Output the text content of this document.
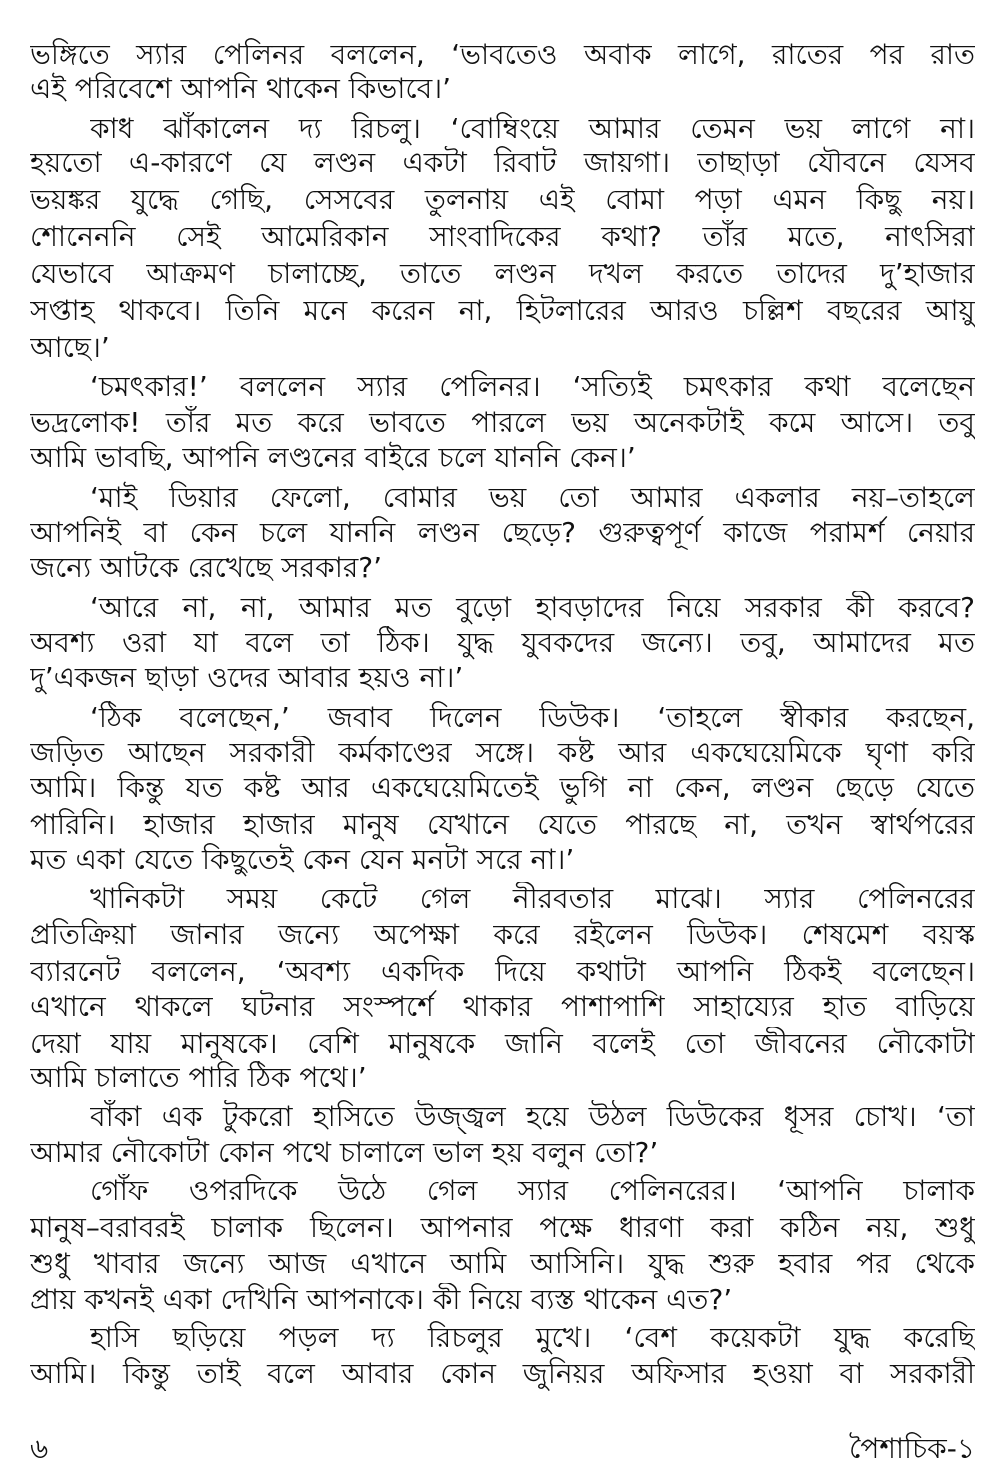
ভঙ্গিতে স্যার পেলিনর বললেন, ‘ভাবতেও অবাক লাগে, রাতের পর রাত
এই পরিবেশে আপনি থাকেন কিভাবে।’
কাধ ঝাঁকালেন দ্য রিচলু। ‘বোম্বিংয়ে আমার তেমন ভয় লাগে না।
হয়তো এ-কারণে যে লণ্ডন একটা রিবাট জায়গা। তাছাড়া যৌবনে যেসব
ভয়ঙ্কর যুদ্ধে গেছি, সেসবের তুলনায় এই বোমা পড়া এমন কিছু নয়।
শোনেননি সেই আমেরিকান সাংবাদিকের কথা? তাঁর মতে, নাৎসিরা
যেভাবে আক্রমণ চালাচ্ছে, তাতে লণ্ডন দখল করতে তাদের দু’হাজার
সপ্তাহ থাকবে। তিনি মনে করেন না, হিটলারের আরও চল্লিশ বছরের আয়ু
আছে।’
‘চমৎকার!’ বললেন স্যার পেলিনর। ‘সত্যিই চমৎকার কথা বলেছেন
ভদ্রলোক! তাঁর মত করে ভাবতে পারলে ভয় অনেকটাই কমে আসে। তবু
আমি ভাবছি, আপনি লণ্ডনের বাইরে চলে যাননি কেন।’
‘মাই ডিয়ার ফেলো, বোমার ভয় তো আমার একলার নয়–তাহলে
আপনিই বা কেন চলে যাননি লণ্ডন ছেড়ে? গুরুত্বপূর্ণ কাজে পরামর্শ নেয়ার
জন্যে আটকে রেখেছে সরকার?’
‘আরে না, না, আমার মত বুড়ো হাবড়াদের নিয়ে সরকার কী করবে?
অবশ্য ওরা যা বলে তা ঠিক। যুদ্ধ যুবকদের জন্যে। তবু, আমাদের মত
দু’একজন ছাড়া ওদের আবার হয়ও না।’
‘ঠিক বলেছেন,’ জবাব দিলেন ডিউক। ‘তাহলে স্বীকার করছেন,
জড়িত আছেন সরকারী কর্মকাণ্ডের সঙ্গে। কষ্ট আর একঘেয়েমিকে ঘৃণা করি
আমি। কিন্তু যত কষ্ট আর একঘেয়েমিতেই ভুগি না কেন, লণ্ডন ছেড়ে যেতে
পারিনি। হাজার হাজার মানুষ যেখানে যেতে পারছে না, তখন স্বার্থপরের
মত একা যেতে কিছুতেই কেন যেন মনটা সরে না।’
খানিকটা সময় কেটে গেল নীরবতার মাঝে। স্যার পেলিনরের
প্রতিক্রিয়া জানার জন্যে অপেক্ষা করে রইলেন ডিউক। শেষমেশ বয়স্ক
ব্যারনেট বললেন, ‘অবশ্য একদিক দিয়ে কথাটা আপনি ঠিকই বলেছেন।
এখানে থাকলে ঘটনার সংস্পর্শে থাকার পাশাপাশি সাহায্যের হাত বাড়িয়ে
দেয়া যায় মানুষকে। বেশি মানুষকে জানি বলেই তো জীবনের নৌকোটা
আমি চালাতে পারি ঠিক পথে।’
বাঁকা এক টুকরো হাসিতে উজ্জ্বল হয়ে উঠল ডিউকের ধূসর চোখ। ‘তা
আমার নৌকোটা কোন পথে চালালে ভাল হয় বলুন তো?’
গোঁফ ওপরদিকে উঠে গেল স্যার পেলিনরের। ‘আপনি চালাক
মানুষ–বরাবরই চালাক ছিলেন। আপনার পক্ষে ধারণা করা কঠিন নয়, শুধু
শুধু খাবার জন্যে আজ এখানে আমি আসিনি। যুদ্ধ শুরু হবার পর থেকে
প্রায় কখনই একা দেখিনি আপনাকে। কী নিয়ে ব্যস্ত থাকেন এত?’
হাসি ছড়িয়ে পড়ল দ্য রিচলুর মুখে। ‘বেশ কয়েকটা যুদ্ধ করেছি
আমি। কিন্তু তাই বলে আবার কোন জুনিয়র অফিসার হওয়া বা সরকারী
৬	পৈশাচিক-১
